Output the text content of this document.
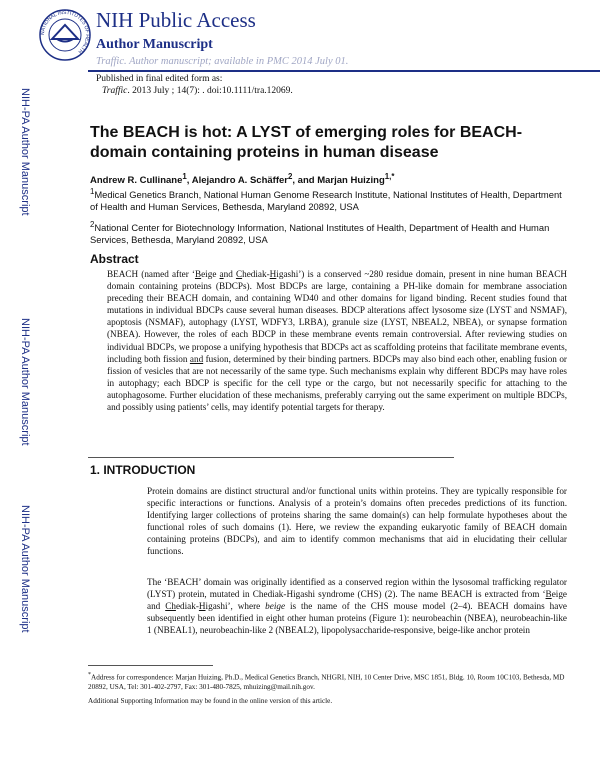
NATIONAL INSTITUTES OF HEALTH
NIH Public Access
Author Manuscript
Traffic. Author manuscript; available in PMC 2014 July 01.
Published in final edited form as:
Traffic. 2013 July ; 14(7): . doi:10.1111/tra.12069.
NIH-PA Author Manuscript
NIH-PA Author Manuscript
NIH-PA Author Manuscript
The BEACH is hot: A LYST of emerging roles for BEACH-domain containing proteins in human disease
Andrew R. Cullinane$^1$, Alejandro A. Schäffer$^2$, and Marjan Huizing$^{1,*}$
$^1$Medical Genetics Branch, National Human Genome Research Institute, National Institutes of Health, Department of Health and Human Services, Bethesda, Maryland 20892, USA
$^2$National Center for Biotechnology Information, National Institutes of Health, Department of Health and Human Services, Bethesda, Maryland 20892, USA
Abstract
BEACH (named after ‘Beige and Chediak-Higashi’) is a conserved ~280 residue domain, present in nine human BEACH domain containing proteins (BDCPs). Most BDCPs are large, containing a PH-like domain for membrane association preceding their BEACH domain, and containing WD40 and other domains for ligand binding. Recent studies found that mutations in individual BDCPs cause several human diseases. BDCP alterations affect lysosome size (LYST and NSMAF), apoptosis (NSMAF), autophagy (LYST, WDFY3, LRBA), granule size (LYST, NBEAL2, NBEA), or synapse formation (NBEA). However, the roles of each BDCP in these membrane events remain controversial. After reviewing studies on individual BDCPs, we propose a unifying hypothesis that BDCPs act as scaffolding proteins that facilitate membrane events, including both fission and fusion, determined by their binding partners. BDCPs may also bind each other, enabling fusion or fission of vesicles that are not necessarily of the same type. Such mechanisms explain why different BDCPs may have roles in autophagy; each BDCP is specific for the cell type or the cargo, but not necessarily specific for attaching to the autophagosome. Further elucidation of these mechanisms, preferably carrying out the same experiment on multiple BDCPs, and possibly using patients’ cells, may identify potential targets for therapy.
1. INTRODUCTION
Protein domains are distinct structural and/or functional units within proteins. They are typically responsible for specific interactions or functions. Analysis of a protein’s domains often precedes predictions of its function. Identifying larger collections of proteins sharing the same domain(s) can help formulate hypotheses about the functional roles of such domains (1). Here, we review the expanding eukaryotic family of BEACH domain containing proteins (BDCPs), and aim to identify common mechanisms that aid in elucidating their cellular functions.
The ‘BEACH’ domain was originally identified as a conserved region within the lysosomal trafficking regulator (LYST) protein, mutated in Chediak-Higashi syndrome (CHS) (2). The name BEACH is extracted from ‘Beige and Chediak-Higashi’, where beige is the name of the CHS mouse model (2–4). BEACH domains have subsequently been identified in eight other human proteins (Figure 1): neurobeachin (NBEA), neurobeachin-like 1 (NBEAL1), neurobeachin-like 2 (NBEAL2), lipopolysaccharide-responsive, beige-like anchor protein
*Address for correspondence: Marjan Huizing, Ph.D., Medical Genetics Branch, NHGRI, NIH, 10 Center Drive, MSC 1851, Bldg. 10, Room 10C103, Bethesda, MD 20892, USA, Tel: 301-402-2797, Fax: 301-480-7825, mhuizing@mail.nih.gov.
Additional Supporting Information may be found in the online version of this article.
